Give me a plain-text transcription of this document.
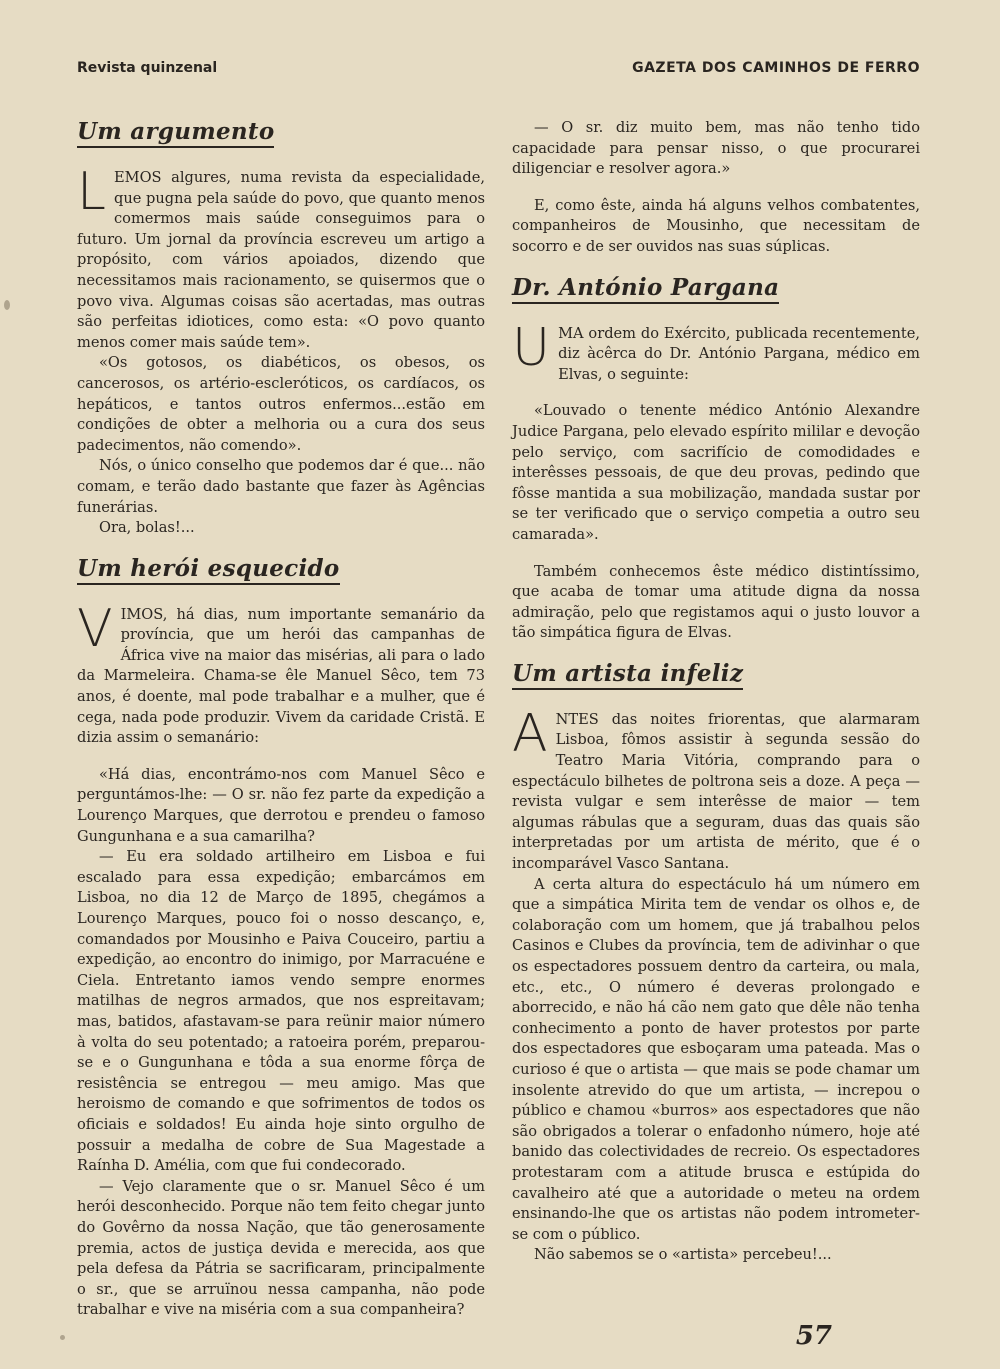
Revista quinzenal	GAZETA DOS CAMINHOS DE FERRO
Um argumento

LEMOS algures, numa revista da especialidade, que pugna pela saúde do povo, que quanto menos comermos mais saúde conseguimos para o futuro. Um jornal da província escreveu um artigo a propósito, com vários apoiados, dizendo que necessitamos mais racionamento, se quisermos que o povo viva. Algumas coisas são acertadas, mas outras são perfeitas idiotices, como esta: «O povo quanto menos comer mais saúde tem».

«Os gotosos, os diabéticos, os obesos, os cancerosos, os artério-escleróticos, os cardíacos, os hepáticos, e tantos outros enfermos...estão em condições de obter a melhoria ou a cura dos seus padecimentos, não comendo».

Nós, o único conselho que podemos dar é que... não comam, e terão dado bastante que fazer às Agências funerárias.

Ora, bolas!...

Um herói esquecido

VIMOS, há dias, num importante semanário da província, que um herói das campanhas de África vive na maior das misérias, ali para o lado da Marmeleira. Chama-se êle Manuel Sêco, tem 73 anos, é doente, mal pode trabalhar e a mulher, que é cega, nada pode produzir. Vivem da caridade Cristã. E dizia assim o semanário:

«Há dias, encontrámo-nos com Manuel Sêco e perguntámos-lhe: — O sr. não fez parte da expedição a Lourenço Marques, que derrotou e prendeu o famoso Gungunhana e a sua camarilha?

— Eu era soldado artilheiro em Lisboa e fui escalado para essa expedição; embarcámos em Lisboa, no dia 12 de Março de 1895, chegámos a Lourenço Marques, pouco foi o nosso descanço, e, comandados por Mousinho e Paiva Couceiro, partiu a expedição, ao encontro do inimigo, por Marracuéne e Ciela. Entretanto iamos vendo sempre enormes matilhas de negros armados, que nos espreitavam; mas, batidos, afastavam-se para reünir maior número à volta do seu potentado; a ratoeira porém, preparou-se e o Gungunhana e tôda a sua enorme fôrça de resistência se entregou — meu amigo. Mas que heroismo de comando e que sofrimentos de todos os oficiais e soldados! Eu ainda hoje sinto orgulho de possuir a medalha de cobre de Sua Magestade a Raínha D. Amélia, com que fui condecorado.

— Vejo claramente que o sr. Manuel Sêco é um herói desconhecido. Porque não tem feito chegar junto do Govêrno da nossa Nação, que tão generosamente premia, actos de justiça devida e merecida, aos que pela defesa da Pátria se sacrificaram, principalmente o sr., que se arruïnou nessa campanha, não pode trabalhar e vive na miséria com a sua companheira?

— O sr. diz muito bem, mas não tenho tido capacidade para pensar nisso, o que procurarei diligenciar e resolver agora.»

E, como êste, ainda há alguns velhos combatentes, companheiros de Mousinho, que necessitam de socorro e de ser ouvidos nas suas súplicas.

Dr. António Pargana

UMA ordem do Exército, publicada recentemente, diz àcêrca do Dr. António Pargana, médico em Elvas, o seguinte:

«Louvado o tenente médico António Alexandre Judice Pargana, pelo elevado espírito mililar e devoção pelo serviço, com sacrifício de comodidades e interêsses pessoais, de que deu provas, pedindo que fôsse mantida a sua mobilização, mandada sustar por se ter verificado que o serviço competia a outro seu camarada».

Também conhecemos êste médico distintíssimo, que acaba de tomar uma atitude digna da nossa admiração, pelo que registamos aqui o justo louvor a tão simpática figura de Elvas.

Um artista infeliz

ANTES das noites friorentas, que alarmaram Lisboa, fômos assistir à segunda sessão do Teatro Maria Vitória, comprando para o espectáculo bilhetes de poltrona seis a doze. A peça — revista vulgar e sem interêsse de maior — tem algumas rábulas que a seguram, duas das quais são interpretadas por um artista de mérito, que é o incomparável Vasco Santana.

A certa altura do espectáculo há um número em que a simpática Mirita tem de vendar os olhos e, de colaboração com um homem, que já trabalhou pelos Casinos e Clubes da província, tem de adivinhar o que os espectadores possuem dentro da carteira, ou mala, etc., etc., O número é deveras prolongado e aborrecido, e não há cão nem gato que dêle não tenha conhecimento a ponto de haver protestos por parte dos espectadores que esboçaram uma pateada. Mas o curioso é que o artista — que mais se pode chamar um insolente atrevido do que um artista, — increpou o público e chamou «burros» aos espectadores que não são obrigados a tolerar o enfadonho número, hoje até banido das colectividades de recreio. Os espectadores protestaram com a atitude brusca e estúpida do cavalheiro até que a autoridade o meteu na ordem ensinando-lhe que os artistas não podem intrometer-se com o público.

Não sabemos se o «artista» percebeu!...

57
